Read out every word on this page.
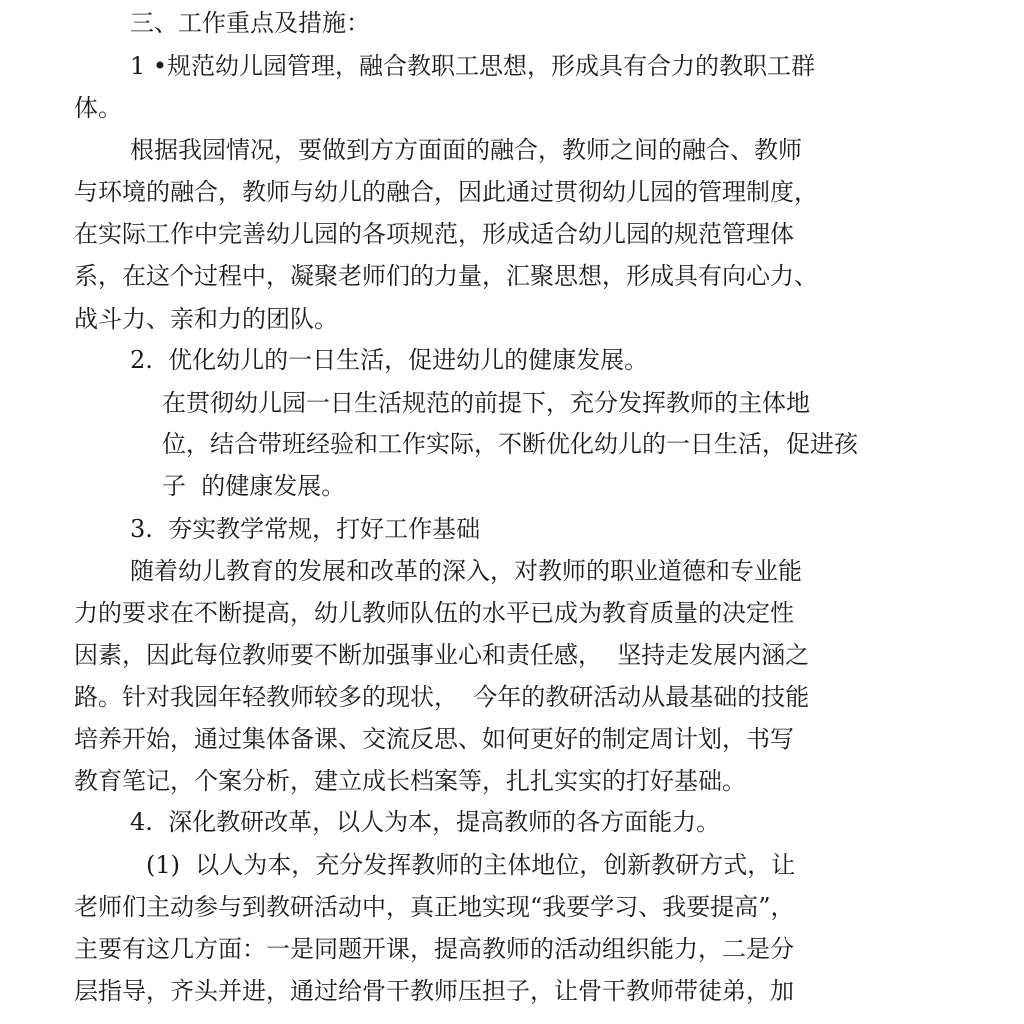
三、工作重点及措施：

1 •规范幼儿园管理，融合教职工思想，形成具有合力的教职工群

体。

根据我园情况，要做到方方面面的融合，教师之间的融合、教师

与环境的融合，教师与幼儿的融合，因此通过贯彻幼儿园的管理制度，

在实际工作中完善幼儿园的各项规范，形成适合幼儿园的规范管理体

系，在这个过程中，凝聚老师们的力量，汇聚思想，形成具有向心力、

战斗力、亲和力的团队。

2.  优化幼儿的一日生活，促进幼儿的健康发展。

在贯彻幼儿园一日生活规范的前提下，充分发挥教师的主体地

位，结合带班经验和工作实际，不断优化幼儿的一日生活，促进孩

子  的健康发展。

3.  夯实教学常规，打好工作基础

随着幼儿教育的发展和改革的深入，对教师的职业道德和专业能

力的要求在不断提高，幼儿教师队伍的水平已成为教育质量的决定性

因素，因此每位教师要不断加强事业心和责任感，  坚持走发展内涵之

路。针对我园年轻教师较多的现状，  今年的教研活动从最基础的技能

培养开始，通过集体备课、交流反思、如何更好的制定周计划，书写

教育笔记，个案分析，建立成长档案等，扎扎实实的打好基础。

4.  深化教研改革，以人为本，提高教师的各方面能力。

(1)  以人为本，充分发挥教师的主体地位，创新教研方式，让

老师们主动参与到教研活动中，真正地实现“我要学习、我要提高”，

主要有这几方面：一是同题开课，提高教师的活动组织能力，二是分

层指导，齐头并进，通过给骨干教师压担子，让骨干教师带徒弟，加
